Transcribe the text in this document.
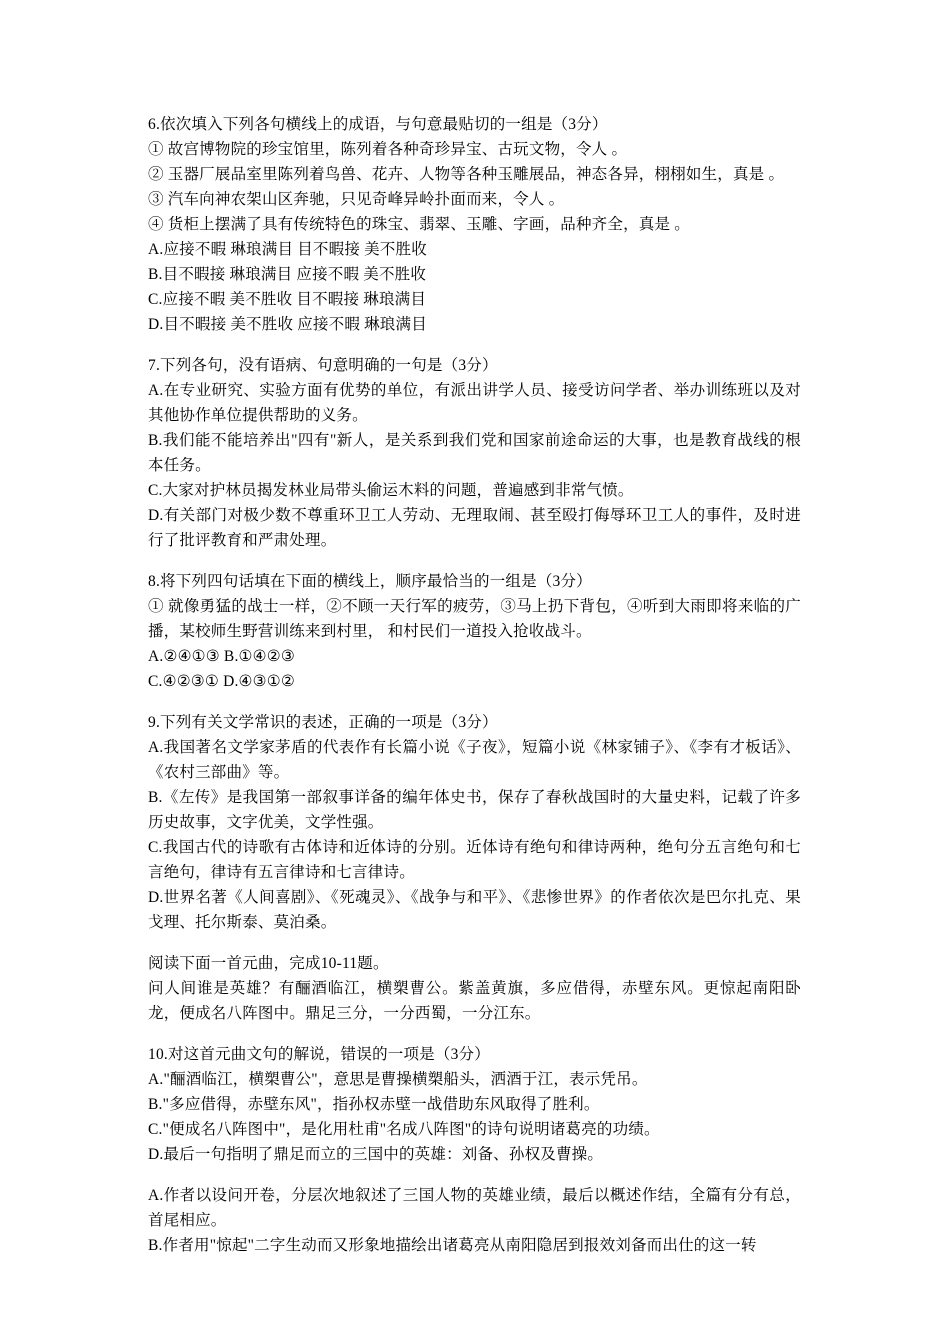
6.依次填入下列各句横线上的成语，与句意最贴切的一组是（3分）
① 故宫博物院的珍宝馆里，陈列着各种奇珍异宝、古玩文物，令人 。
② 玉器厂展品室里陈列着鸟兽、花卉、人物等各种玉雕展品，神态各异，栩栩如生，真是 。
③ 汽车向神农架山区奔驰，只见奇峰异岭扑面而来，令人 。
④ 货柜上摆满了具有传统特色的珠宝、翡翠、玉雕、字画，品种齐全，真是 。
A.应接不暇 琳琅满目 目不暇接 美不胜收
B.目不暇接 琳琅满目 应接不暇 美不胜收
C.应接不暇 美不胜收 目不暇接 琳琅满目
D.目不暇接 美不胜收 应接不暇 琳琅满目
7.下列各句，没有语病、句意明确的一句是（3分）
A.在专业研究、实验方面有优势的单位，有派出讲学人员、接受访问学者、举办训练班以及对其他协作单位提供帮助的义务。
B.我们能不能培养出"四有"新人，是关系到我们党和国家前途命运的大事，也是教育战线的根本任务。
C.大家对护林员揭发林业局带头偷运木料的问题，普遍感到非常气愤。
D.有关部门对极少数不尊重环卫工人劳动、无理取闹、甚至殴打侮辱环卫工人的事件，及时进行了批评教育和严肃处理。
8.将下列四句话填在下面的横线上，顺序最恰当的一组是（3分）
① 就像勇猛的战士一样，②不顾一天行军的疲劳，③马上扔下背包，④听到大雨即将来临的广播，某校师生野营训练来到村里， 和村民们一道投入抢收战斗。
A.②④①③ B.①④②③
C.④②③① D.④③①②
9.下列有关文学常识的表述，正确的一项是（3分）
A.我国著名文学家茅盾的代表作有长篇小说《子夜》，短篇小说《林家铺子》、《李有才板话》、《农村三部曲》等。
B.《左传》是我国第一部叙事详备的编年体史书，保存了春秋战国时的大量史料，记载了许多历史故事，文字优美，文学性强。
C.我国古代的诗歌有古体诗和近体诗的分别。近体诗有绝句和律诗两种，绝句分五言绝句和七言绝句，律诗有五言律诗和七言律诗。
D.世界名著《人间喜剧》、《死魂灵》、《战争与和平》、《悲惨世界》的作者依次是巴尔扎克、果戈理、托尔斯泰、莫泊桑。
阅读下面一首元曲，完成10-11题。
问人间谁是英雄？有酾酒临江，横槊曹公。紫盖黄旗，多应借得，赤壁东风。更惊起南阳卧龙，便成名八阵图中。鼎足三分，一分西蜀，一分江东。
10.对这首元曲文句的解说，错误的一项是（3分）
A."酾酒临江，横槊曹公"，意思是曹操横槊船头，洒酒于江，表示凭吊。
B."多应借得，赤壁东风"，指孙权赤壁一战借助东风取得了胜利。
C."便成名八阵图中"，是化用杜甫"名成八阵图"的诗句说明诸葛亮的功绩。
D.最后一句指明了鼎足而立的三国中的英雄：刘备、孙权及曹操。
A.作者以设问开卷，分层次地叙述了三国人物的英雄业绩，最后以概述作结，全篇有分有总，首尾相应。
B.作者用"惊起"二字生动而又形象地描绘出诸葛亮从南阳隐居到报效刘备而出仕的这一转
